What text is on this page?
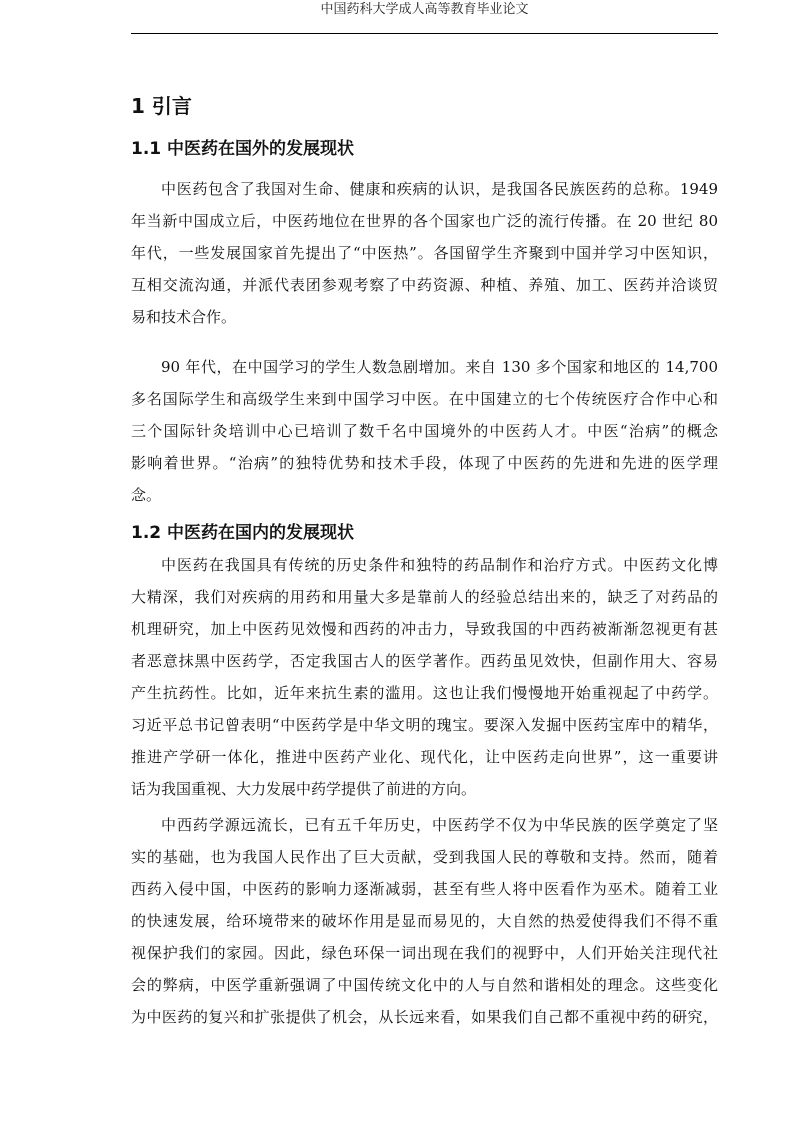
中国药科大学成人高等教育毕业论文
1 引言
1.1 中医药在国外的发展现状
中医药包含了我国对生命、健康和疾病的认识，是我国各民族医药的总称。1949
年当新中国成立后，中医药地位在世界的各个国家也广泛的流行传播。在 20 世纪 80
年代，一些发展国家首先提出了“中医热”。各国留学生齐聚到中国并学习中医知识，
互相交流沟通，并派代表团参观考察了中药资源、种植、养殖、加工、医药并洽谈贸
易和技术合作。
90 年代，在中国学习的学生人数急剧增加。来自 130 多个国家和地区的 14,700
多名国际学生和高级学生来到中国学习中医。在中国建立的七个传统医疗合作中心和
三个国际针灸培训中心已培训了数千名中国境外的中医药人才。中医“治病”的概念
影响着世界。“治病”的独特优势和技术手段，体现了中医药的先进和先进的医学理
念。
1.2 中医药在国内的发展现状
中医药在我国具有传统的历史条件和独特的药品制作和治疗方式。中医药文化博
大精深，我们对疾病的用药和用量大多是靠前人的经验总结出来的，缺乏了对药品的
机理研究，加上中医药见效慢和西药的冲击力，导致我国的中西药被渐渐忽视更有甚
者恶意抹黑中医药学，否定我国古人的医学著作。西药虽见效快，但副作用大、容易
产生抗药性。比如，近年来抗生素的滥用。这也让我们慢慢地开始重视起了中药学。
习近平总书记曾表明“中医药学是中华文明的瑰宝。要深入发掘中医药宝库中的精华，
推进产学研一体化，推进中医药产业化、现代化，让中医药走向世界”，这一重要讲
话为我国重视、大力发展中药学提供了前进的方向。
中西药学源远流长，已有五千年历史，中医药学不仅为中华民族的医学奠定了坚
实的基础，也为我国人民作出了巨大贡献，受到我国人民的尊敬和支持。然而，随着
西药入侵中国，中医药的影响力逐渐减弱，甚至有些人将中医看作为巫术。随着工业
的快速发展，给环境带来的破坏作用是显而易见的，大自然的热爱使得我们不得不重
视保护我们的家园。因此，绿色环保一词出现在我们的视野中，人们开始关注现代社
会的弊病，中医学重新强调了中国传统文化中的人与自然和谐相处的理念。这些变化
为中医药的复兴和扩张提供了机会，从长远来看，如果我们自己都不重视中药的研究，
